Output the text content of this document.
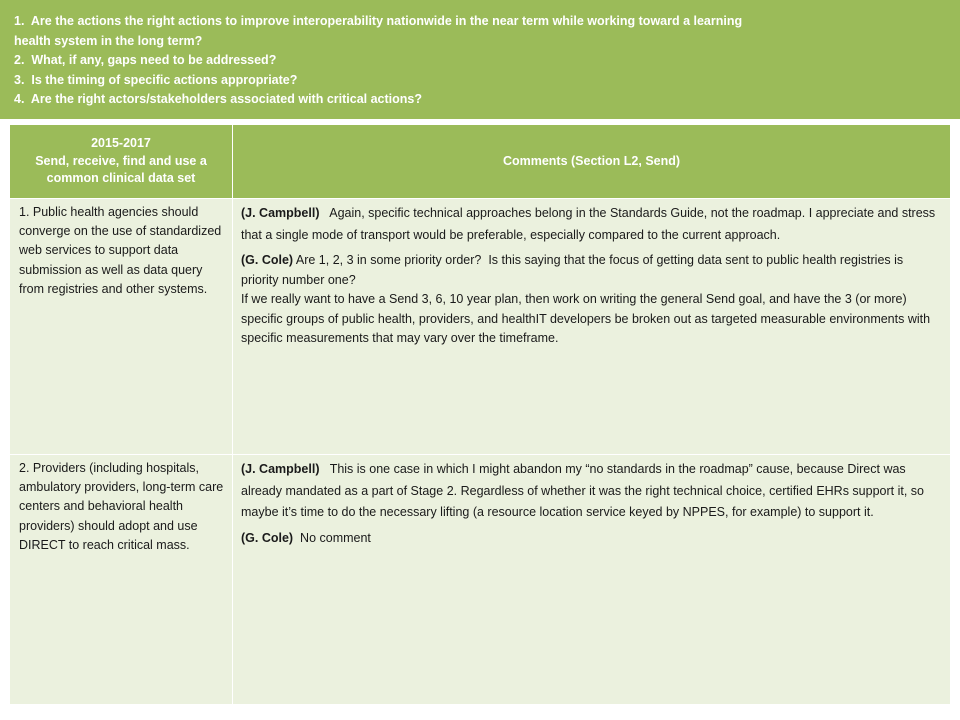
1.  Are the actions the right actions to improve interoperability nationwide in the near term while working toward a learning
health system in the long term?
2.  What, if any, gaps need to be addressed?
3.  Is the timing of specific actions appropriate?
4.  Are the right actors/stakeholders associated with critical actions?
2015-2017
Send, receive, find and use a common clinical data set	Comments (Section L2, Send)
1. Public health agencies should converge on the use of standardized web services to support data submission as well as data query from registries and other systems.	(J. Campbell)   Again, specific technical approaches belong in the Standards Guide, not the roadmap. I appreciate and stress that a single mode of transport would be preferable, especially compared to the current approach.
(G. Cole) Are 1, 2, 3 in some priority order?  Is this saying that the focus of getting data sent to public health registries is priority number one?
If we really want to have a Send 3, 6, 10 year plan, then work on writing the general Send goal, and have the 3 (or more) specific groups of public health, providers, and healthIT developers be broken out as targeted measurable environments with specific measurements that may vary over the timeframe.

2. Providers (including hospitals, ambulatory providers, long-term care centers and behavioral health providers) should adopt and use DIRECT to reach critical mass.	(J. Campbell)   This is one case in which I might abandon my “no standards in the roadmap” cause, because Direct was already mandated as a part of Stage 2. Regardless of whether it was the right technical choice, certified EHRs support it, so maybe it’s time to do the necessary lifting (a resource location service keyed by NPPES, for example) to support it.
(G. Cole)  No comment
